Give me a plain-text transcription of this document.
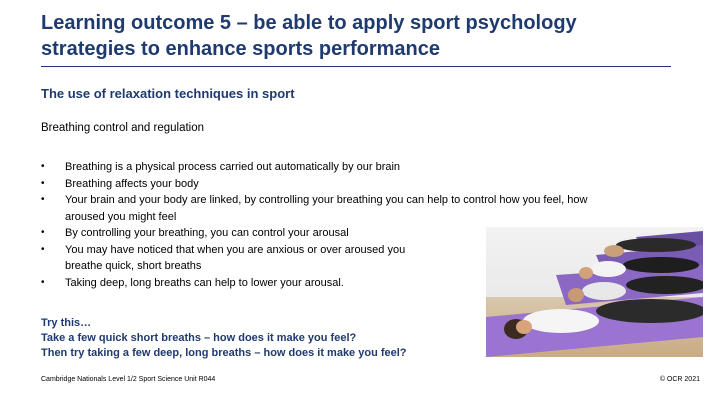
Learning outcome 5 – be able to apply sport psychology
strategies to enhance sports performance
The use of relaxation techniques in sport
Breathing control and regulation
• Breathing is a physical process carried out automatically by our brain
• Breathing affects your body
• Your brain and your body are linked, by controlling your breathing you can help to control how you feel, how aroused you might feel
• By controlling your breathing, you can control your arousal
• You may have noticed that when you are anxious or over aroused you breathe quick, short breaths
• Taking deep, long breaths can help to lower your arousal.
Try this…
Take a few quick short breaths – how does it make you feel?
Then try taking a few deep, long breaths – how does it make you feel?
Cambridge Nationals Level 1/2 Sport Science Unit R044	© OCR 2021
